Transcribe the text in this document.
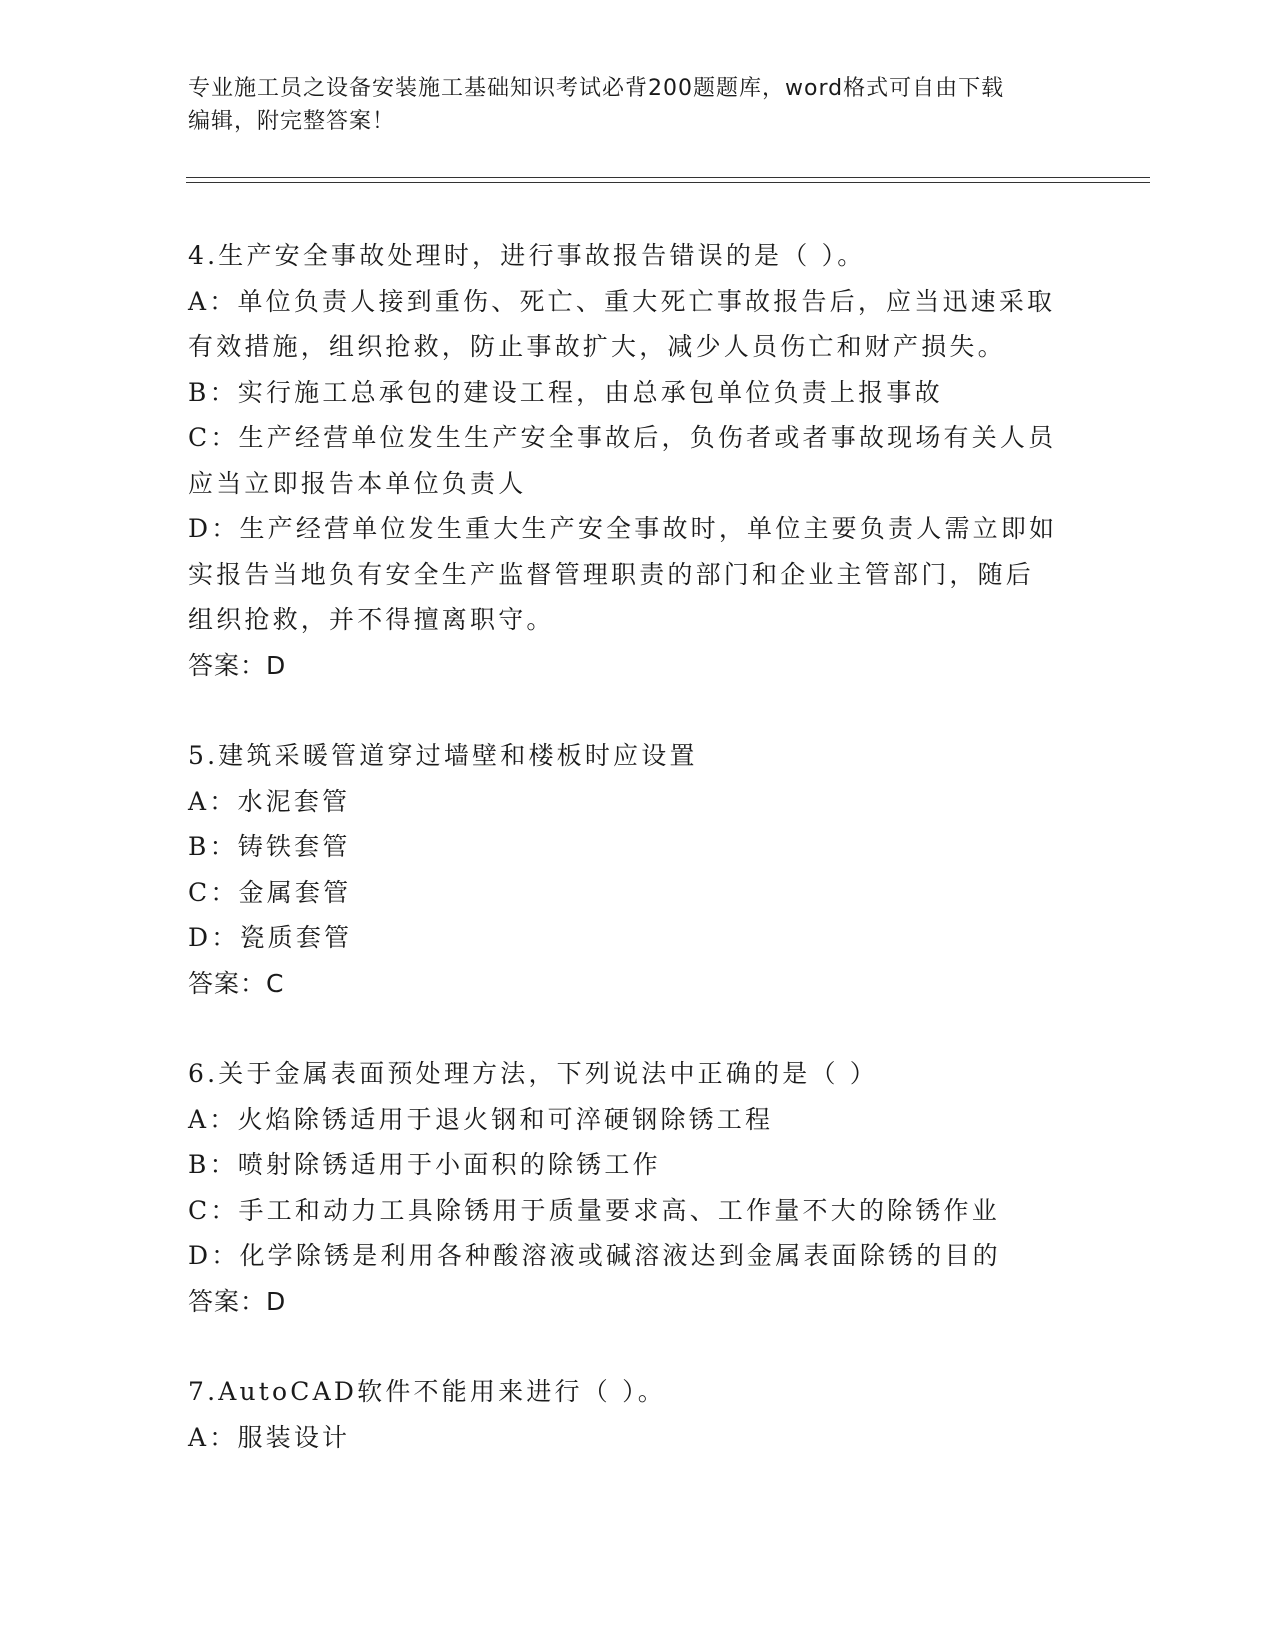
专业施工员之设备安装施工基础知识考试必背200题题库，word格式可自由下载
编辑，附完整答案！
4.生产安全事故处理时，进行事故报告错误的是（ ）。
A：单位负责人接到重伤、死亡、重大死亡事故报告后，应当迅速采取
有效措施，组织抢救，防止事故扩大，减少人员伤亡和财产损失。
B：实行施工总承包的建设工程，由总承包单位负责上报事故
C：生产经营单位发生生产安全事故后，负伤者或者事故现场有关人员
应当立即报告本单位负责人
D：生产经营单位发生重大生产安全事故时，单位主要负责人需立即如
实报告当地负有安全生产监督管理职责的部门和企业主管部门，随后
组织抢救，并不得擅离职守。
答案：D
5.建筑采暖管道穿过墙壁和楼板时应设置
A：水泥套管
B：铸铁套管
C：金属套管
D：瓷质套管
答案：C
6.关于金属表面预处理方法，下列说法中正确的是（ ）
A：火焰除锈适用于退火钢和可淬硬钢除锈工程
B：喷射除锈适用于小面积的除锈工作
C：手工和动力工具除锈用于质量要求高、工作量不大的除锈作业
D：化学除锈是利用各种酸溶液或碱溶液达到金属表面除锈的目的
答案：D
7.AutoCAD软件不能用来进行（ ）。
A：服装设计
